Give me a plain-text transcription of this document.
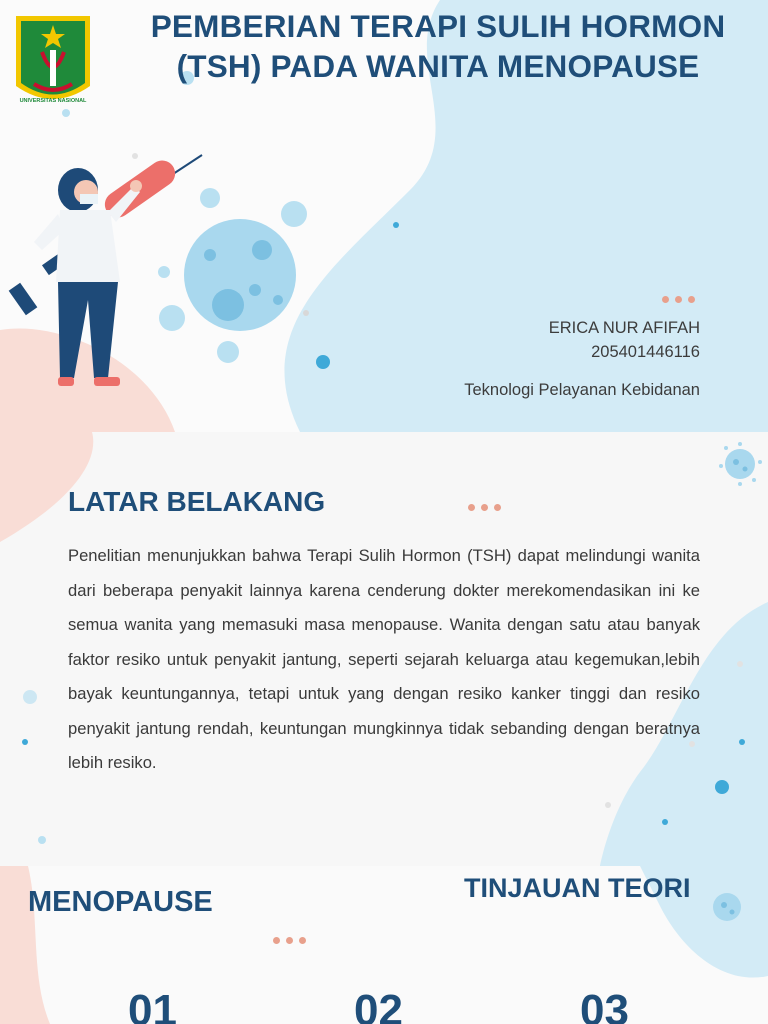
UNIVERSITAS NASIONAL
PEMBERIAN TERAPI SULIH HORMON
(TSH) PADA WANITA MENOPAUSE
ERICA NUR AFIFAH
205401446116
Teknologi Pelayanan Kebidanan
LATAR BELAKANG
Penelitian menunjukkan bahwa Terapi Sulih Hormon (TSH) dapat melindungi wanita dari beberapa penyakit lainnya karena cenderung dokter merekomendasikan ini ke semua wanita yang memasuki masa menopause. Wanita dengan satu atau banyak faktor resiko untuk penyakit jantung, seperti sejarah keluarga atau kegemukan,lebih bayak keuntungannya, tetapi untuk yang dengan resiko kanker tinggi dan resiko penyakit jantung rendah, keuntungan mungkinnya tidak sebanding dengan beratnya lebih resiko.
MENOPAUSE	TINJAUAN TEORI
01	02	03
